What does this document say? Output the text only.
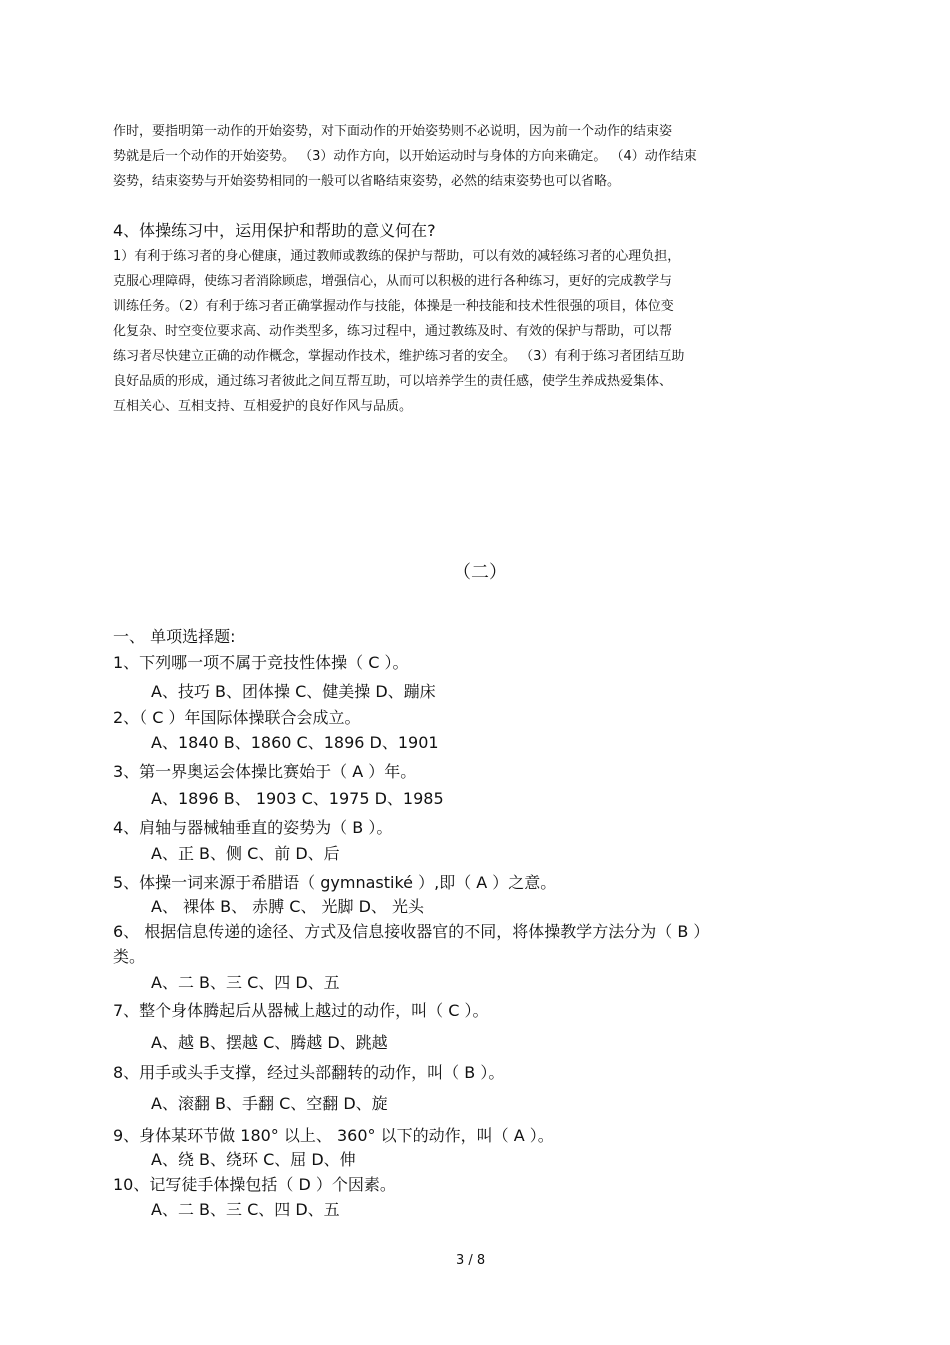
作时，要指明第一动作的开始姿势，对下面动作的开始姿势则不必说明，因为前一个动作的结束姿
势就是后一个动作的开始姿势。 （3）动作方向，以开始运动时与身体的方向来确定。 （4）动作结束
姿势，结束姿势与开始姿势相同的一般可以省略结束姿势，必然的结束姿势也可以省略。
4、体操练习中，运用保护和帮助的意义何在?
1）有利于练习者的身心健康，通过教师或教练的保护与帮助，可以有效的减轻练习者的心理负担，
克服心理障碍，使练习者消除顾虑，增强信心，从而可以积极的进行各种练习，更好的完成教学与
训练任务。（2）有利于练习者正确掌握动作与技能，体操是一种技能和技术性很强的项目，体位变
化复杂、时空变位要求高、动作类型多，练习过程中，通过教练及时、有效的保护与帮助，可以帮
练习者尽快建立正确的动作概念，掌握动作技术，维护练习者的安全。 （3）有利于练习者团结互助
良好品质的形成，通过练习者彼此之间互帮互助，可以培养学生的责任感，使学生养成热爱集体、
互相关心、互相支持、互相爱护的良好作风与品质。
（二）
一、 单项选择题:
1、下列哪一项不属于竞技性体操（ C ）。
A、技巧 B、团体操 C、健美操 D、蹦床
2、（ C ）年国际体操联合会成立。
A、1840 B、1860 C、1896 D、1901
3、第一界奥运会体操比赛始于（ A ）年。
A、1896 B、 1903 C、1975 D、1985
4、肩轴与器械轴垂直的姿势为（ B ）。
A、正 B、侧 C、前 D、后
5、体操一词来源于希腊语（ gymnastiké ）,即（ A ）之意。
A、 裸体 B、 赤膊 C、 光脚 D、 光头
6、 根据信息传递的途径、方式及信息接收器官的不同，将体操教学方法分为（ B ）
类。
A、二 B、三 C、四 D、五
7、整个身体腾起后从器械上越过的动作，叫（ C ）。
A、越 B、摆越 C、腾越 D、跳越
8、用手或头手支撑，经过头部翻转的动作，叫（ B ）。
A、滚翻 B、手翻 C、空翻 D、旋
9、身体某环节做 180° 以上、 360° 以下的动作，叫（ A ）。
A、绕 B、绕环 C、屈 D、伸
10、记写徒手体操包括（ D ）个因素。
A、二 B、三 C、四 D、五
3 / 8
